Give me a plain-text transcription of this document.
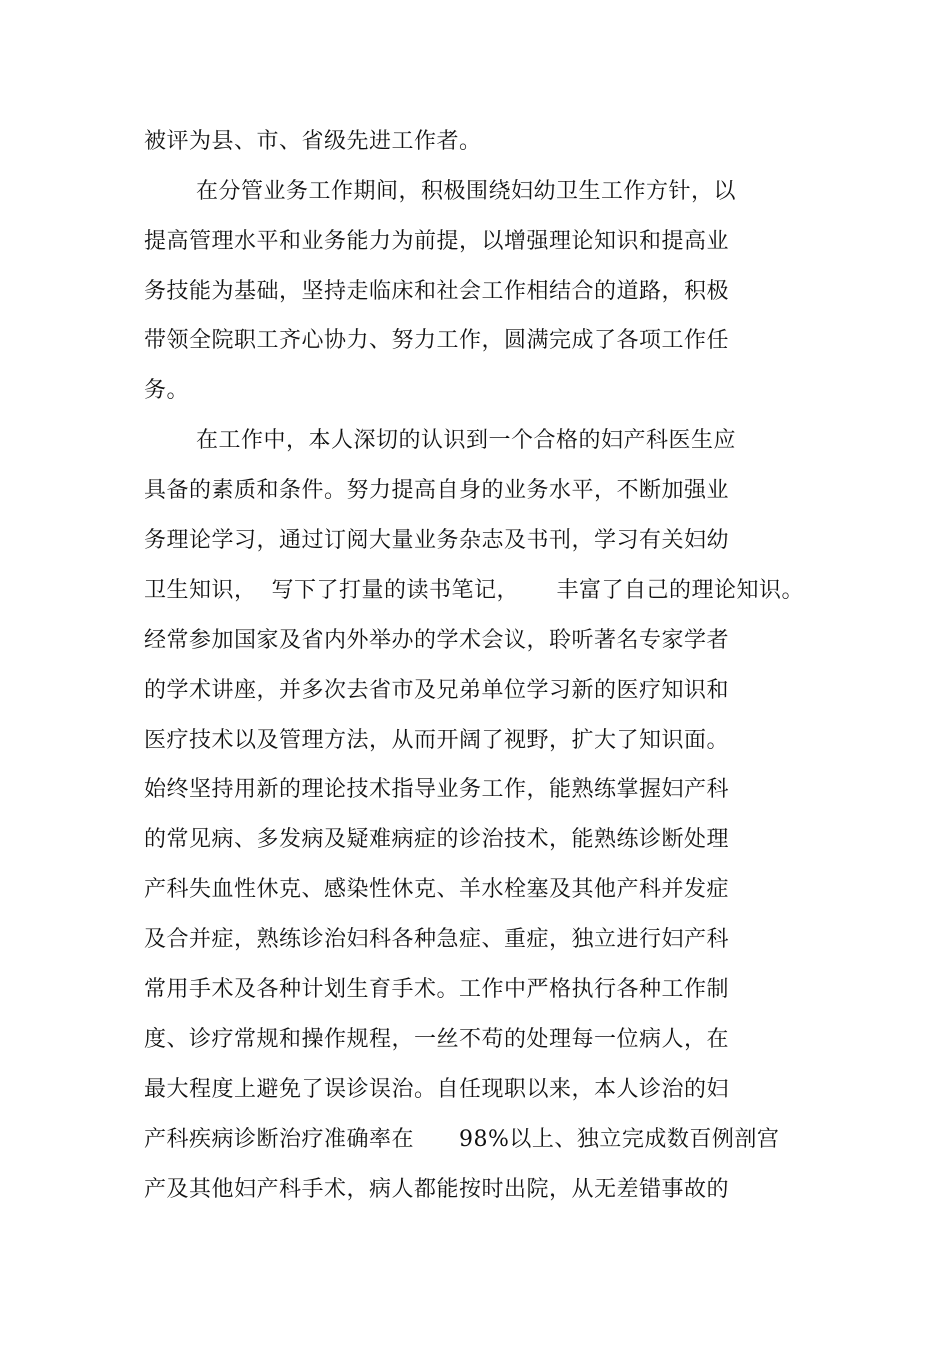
被评为县、市、省级先进工作者。

在分管业务工作期间，积极围绕妇幼卫生工作方针，以

提高管理水平和业务能力为前提，以增强理论知识和提高业

务技能为基础，坚持走临床和社会工作相结合的道路，积极

带领全院职工齐心协力、努力工作，圆满完成了各项工作任

务。

在工作中，本人深切的认识到一个合格的妇产科医生应

具备的素质和条件。努力提高自身的业务水平，不断加强业

务理论学习，通过订阅大量业务杂志及书刊，学习有关妇幼

卫生知识，  写下了打量的读书笔记，     丰富了自己的理论知识。

经常参加国家及省内外举办的学术会议，聆听著名专家学者

的学术讲座，并多次去省市及兄弟单位学习新的医疗知识和

医疗技术以及管理方法，从而开阔了视野，扩大了知识面。

始终坚持用新的理论技术指导业务工作，能熟练掌握妇产科

的常见病、多发病及疑难病症的诊治技术，能熟练诊断处理

产科失血性休克、感染性休克、羊水栓塞及其他产科并发症

及合并症，熟练诊治妇科各种急症、重症，独立进行妇产科

常用手术及各种计划生育手术。工作中严格执行各种工作制

度、诊疗常规和操作规程，一丝不苟的处理每一位病人，在

最大程度上避免了误诊误治。自任现职以来，本人诊治的妇

产科疾病诊断治疗准确率在      98%以上、独立完成数百例剖宫

产及其他妇产科手术，病人都能按时出院，从无差错事故的
